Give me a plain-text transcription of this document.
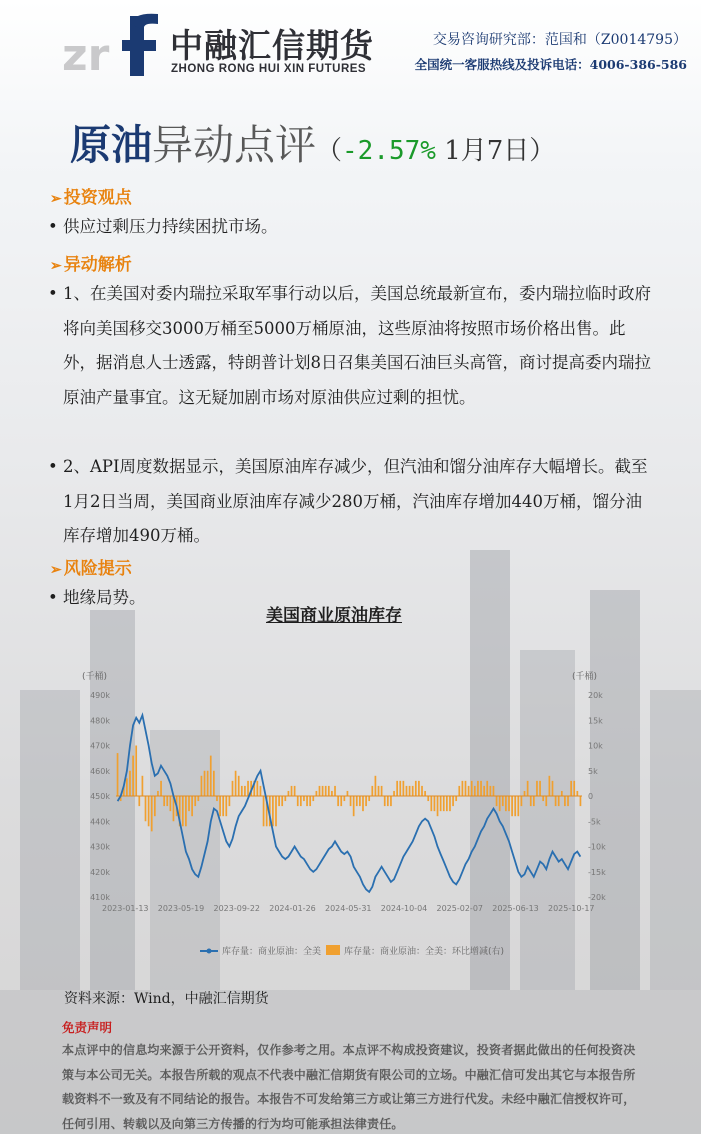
zr 中融汇信期货
ZHONG RONG HUI XIN FUTURES
交易咨询研究部：范国和（Z0014795）
全国统一客服热线及投诉电话：4006-386-586
原油异动点评（-2.57% 1月7日）
➢ 投资观点
• 供应过剩压力持续困扰市场。
➢ 异动解析
• 1、在美国对委内瑞拉采取军事行动以后，美国总统最新宣布，委内瑞拉临时政府将向美国移交3000万桶至5000万桶原油，这些原油将按照市场价格出售。此外，据消息人士透露，特朗普计划8日召集美国石油巨头高管，商讨提高委内瑞拉原油产量事宜。这无疑加剧市场对原油供应过剩的担忧。
• 2、API周度数据显示，美国原油库存减少，但汽油和馏分油库存大幅增长。截至1月2日当周，美国商业原油库存减少280万桶，汽油库存增加440万桶，馏分油库存增加490万桶。
➢ 风险提示
• 地缘局势。
美国商业原油库存
(千桶)	(千桶)
490k
480k
470k
460k
450k
440k
430k
420k
410k
20k
15k
10k
5k
0
-5k
-10k
-15k
-20k
2023-01-13 2023-05-19 2023-09-22 2024-01-26 2024-05-31 2024-10-04 2025-02-07 2025-06-13 2025-10-17
库存量：商业原油：全美	库存量：商业原油：全美：环比增减(右)
资料来源：Wind，中融汇信期货
免责声明
本点评中的信息均来源于公开资料，仅作参考之用。本点评不构成投资建议，投资者据此做出的任何投资决策与本公司无关。本报告所载的观点不代表中融汇信期货有限公司的立场。中融汇信可发出其它与本报告所载资料不一致及有不同结论的报告。本报告不可发给第三方或让第三方进行代发。未经中融汇信授权许可，任何引用、转载以及向第三方传播的行为均可能承担法律责任。
